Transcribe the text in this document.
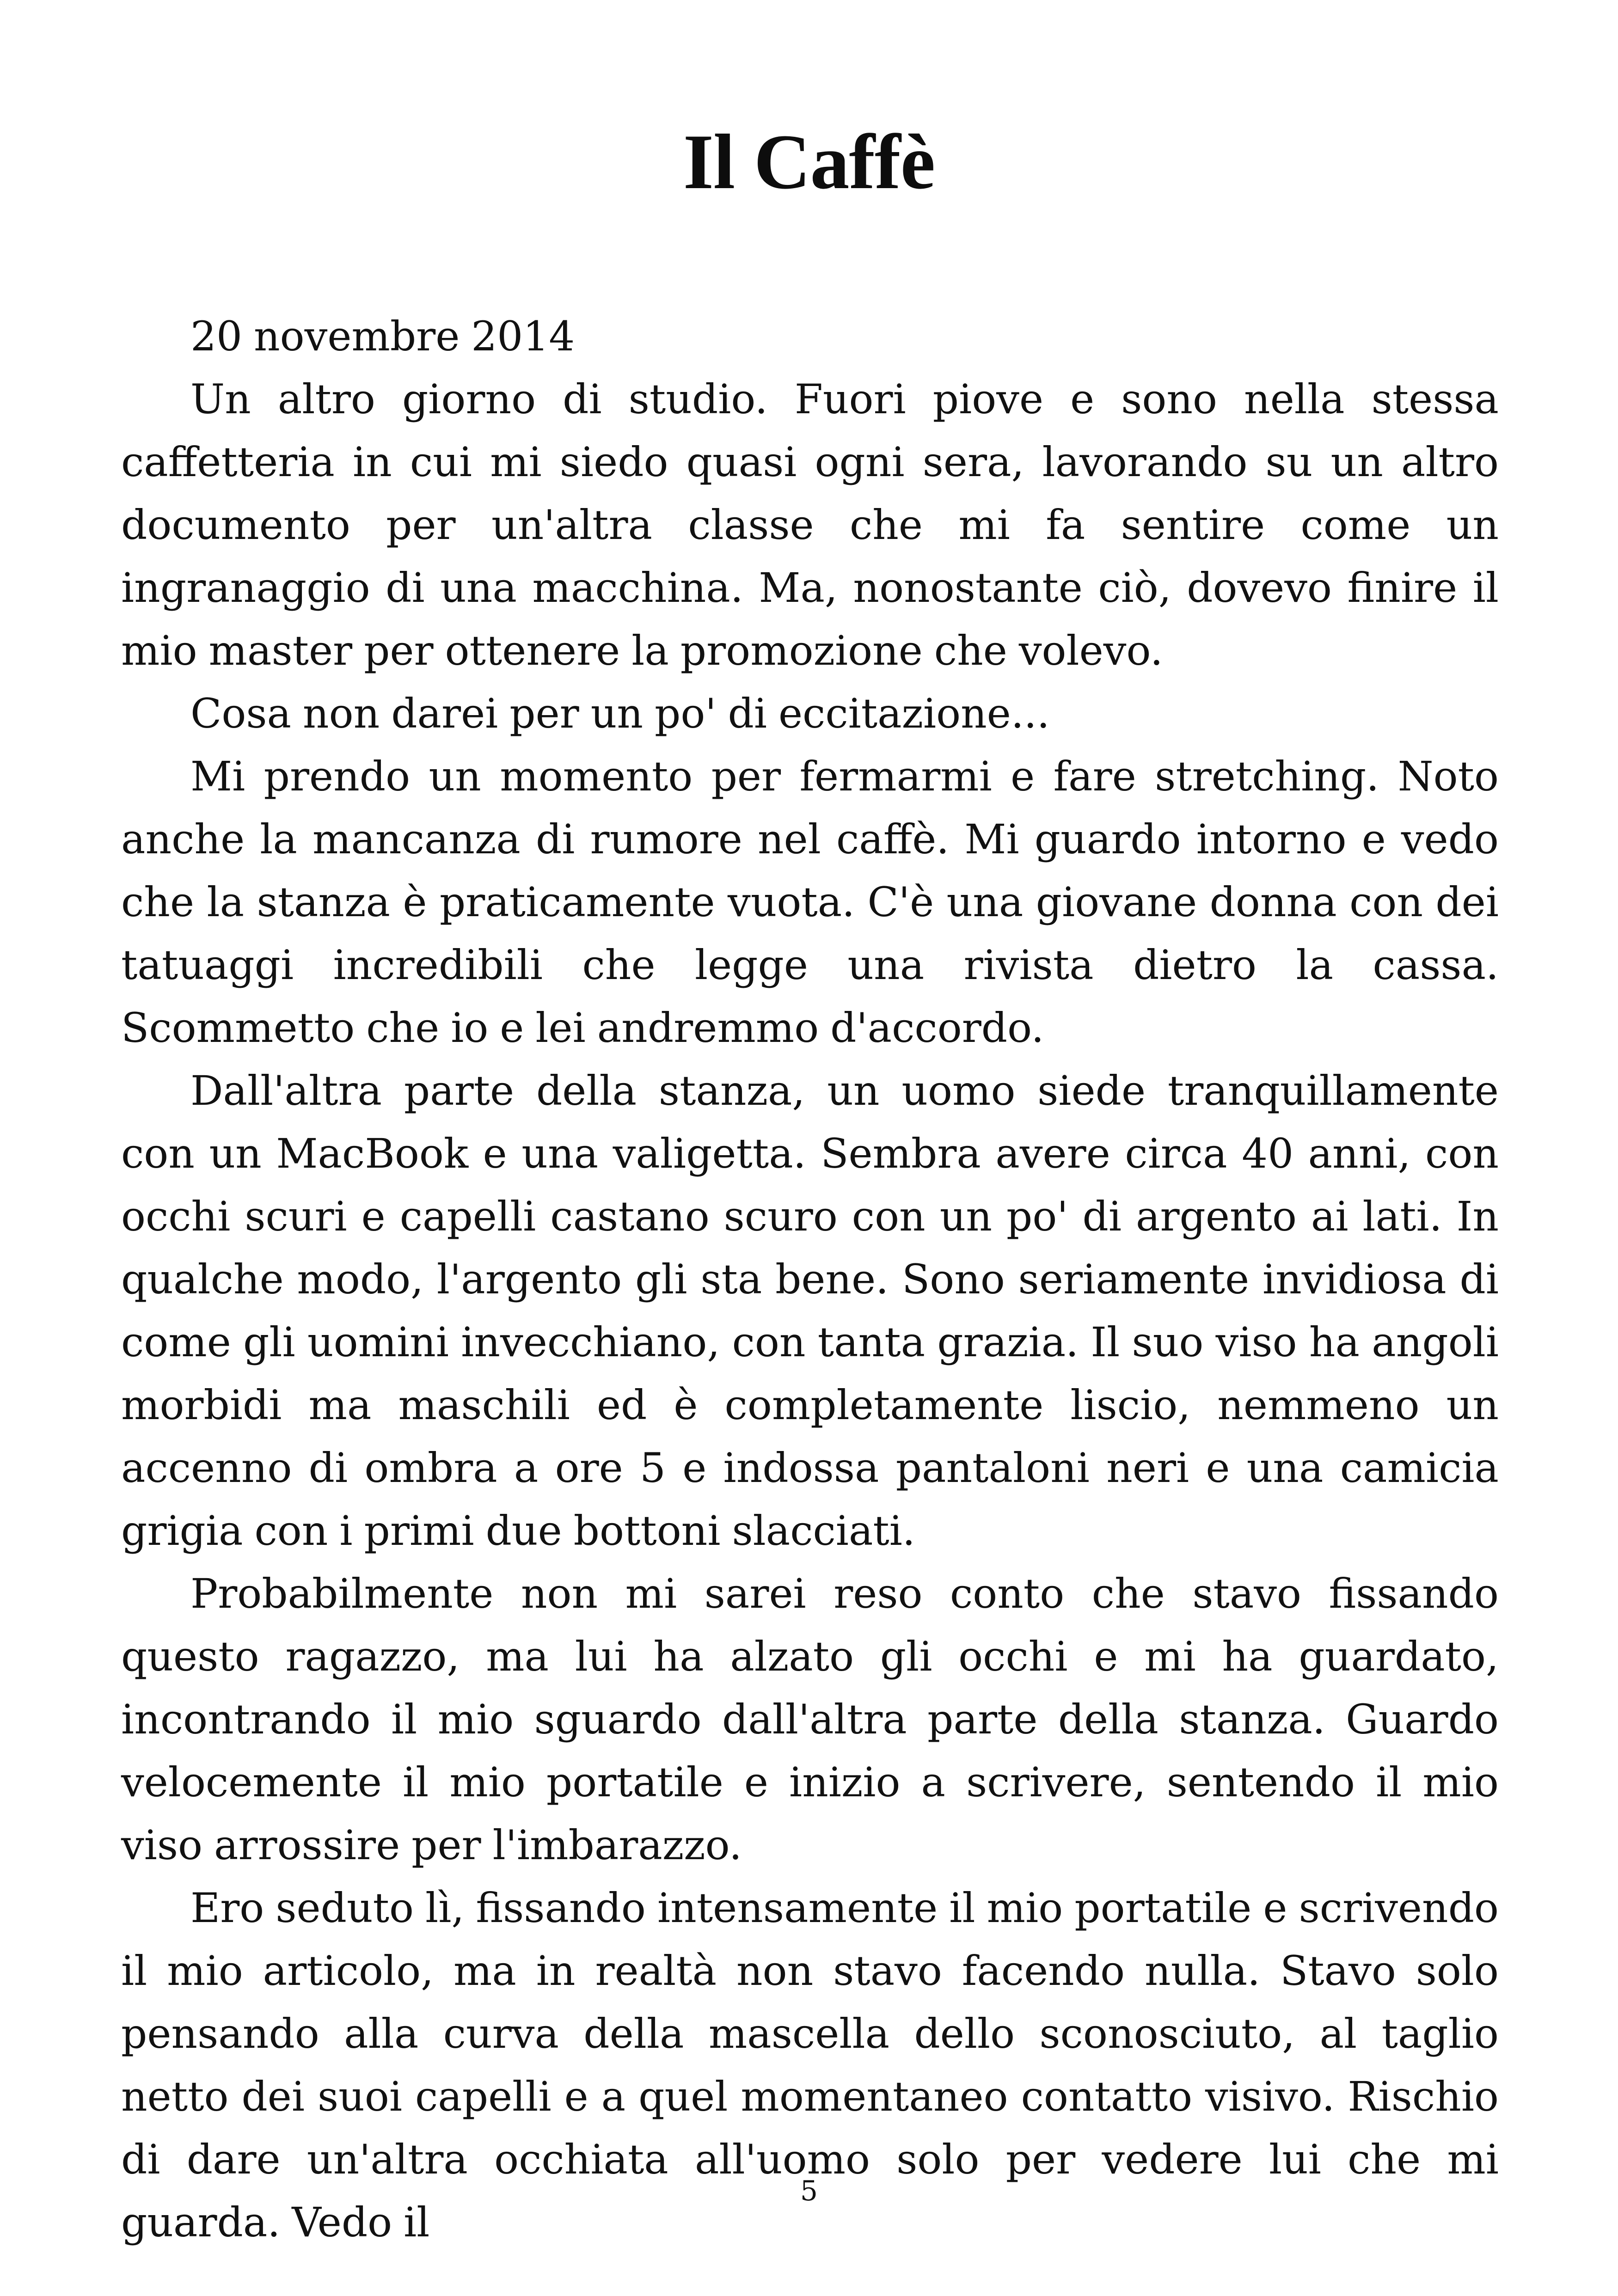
Il Caffè

20 novembre 2014

Un altro giorno di studio. Fuori piove e sono nella stessa caffetteria in cui mi siedo quasi ogni sera, lavorando su un altro documento per un'altra classe che mi fa sentire come un ingranaggio di una macchina. Ma, nonostante ciò, dovevo finire il mio master per ottenere la promozione che volevo.

Cosa non darei per un po' di eccitazione...

Mi prendo un momento per fermarmi e fare stretching. Noto anche la mancanza di rumore nel caffè. Mi guardo intorno e vedo che la stanza è praticamente vuota. C'è una giovane donna con dei tatuaggi incredibili che legge una rivista dietro la cassa. Scommetto che io e lei andremmo d'accordo.

Dall'altra parte della stanza, un uomo siede tranquillamente con un MacBook e una valigetta. Sembra avere circa 40 anni, con occhi scuri e capelli castano scuro con un po' di argento ai lati. In qualche modo, l'argento gli sta bene. Sono seriamente invidiosa di come gli uomini invecchiano, con tanta grazia. Il suo viso ha angoli morbidi ma maschili ed è completamente liscio, nemmeno un accenno di ombra a ore 5 e indossa pantaloni neri e una camicia grigia con i primi due bottoni slacciati.

Probabilmente non mi sarei reso conto che stavo fissando questo ragazzo, ma lui ha alzato gli occhi e mi ha guardato, incontrando il mio sguardo dall'altra parte della stanza. Guardo velocemente il mio portatile e inizio a scrivere, sentendo il mio viso arrossire per l'imbarazzo.

Ero seduto lì, fissando intensamente il mio portatile e scrivendo il mio articolo, ma in realtà non stavo facendo nulla. Stavo solo pensando alla curva della mascella dello sconosciuto, al taglio netto dei suoi capelli e a quel momentaneo contatto visivo. Rischio di dare un'altra occhiata all'uomo solo per vedere lui che mi guarda. Vedo il

5
